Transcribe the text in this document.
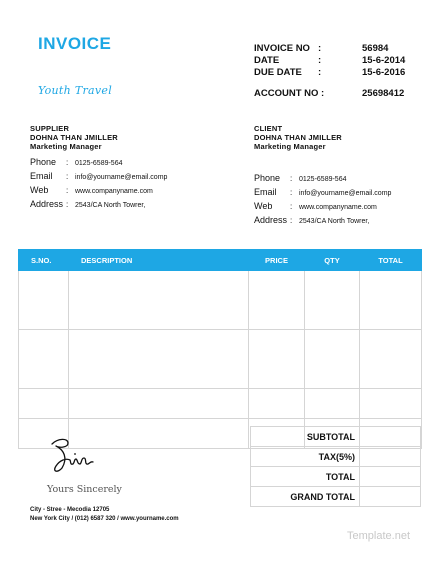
INVOICE
Youth Travel
INVOICE NO :	56984
DATE	:	15-6-2014
DUE DATE	:	15-6-2016
ACCOUNT NO :	25698412
SUPPLIER
DOHNA THAN JMILLER
Marketing Manager
Phone	: 0125-6589-564
Email	: info@yourname@email.comp
Web	: www.companyname.com
Address : 2543/CA North Towrer,
CLIENT
DOHNA THAN JMILLER
Marketing Manager
Phone	: 0125-6589-564
Email	: info@yourname@email.comp
Web	: www.companyname.com
Address : 2543/CA North Towrer,
S.NO.	DESCRIPTION	PRICE	QTY	TOTAL

SUBTOTAL	
TAX(5%)	
TOTAL	
GRAND TOTAL	
Yours Sincerely
City - Stree - Mecodia 12705
New York City / (012) 6587 320 / www.yourname.com
Template.net
